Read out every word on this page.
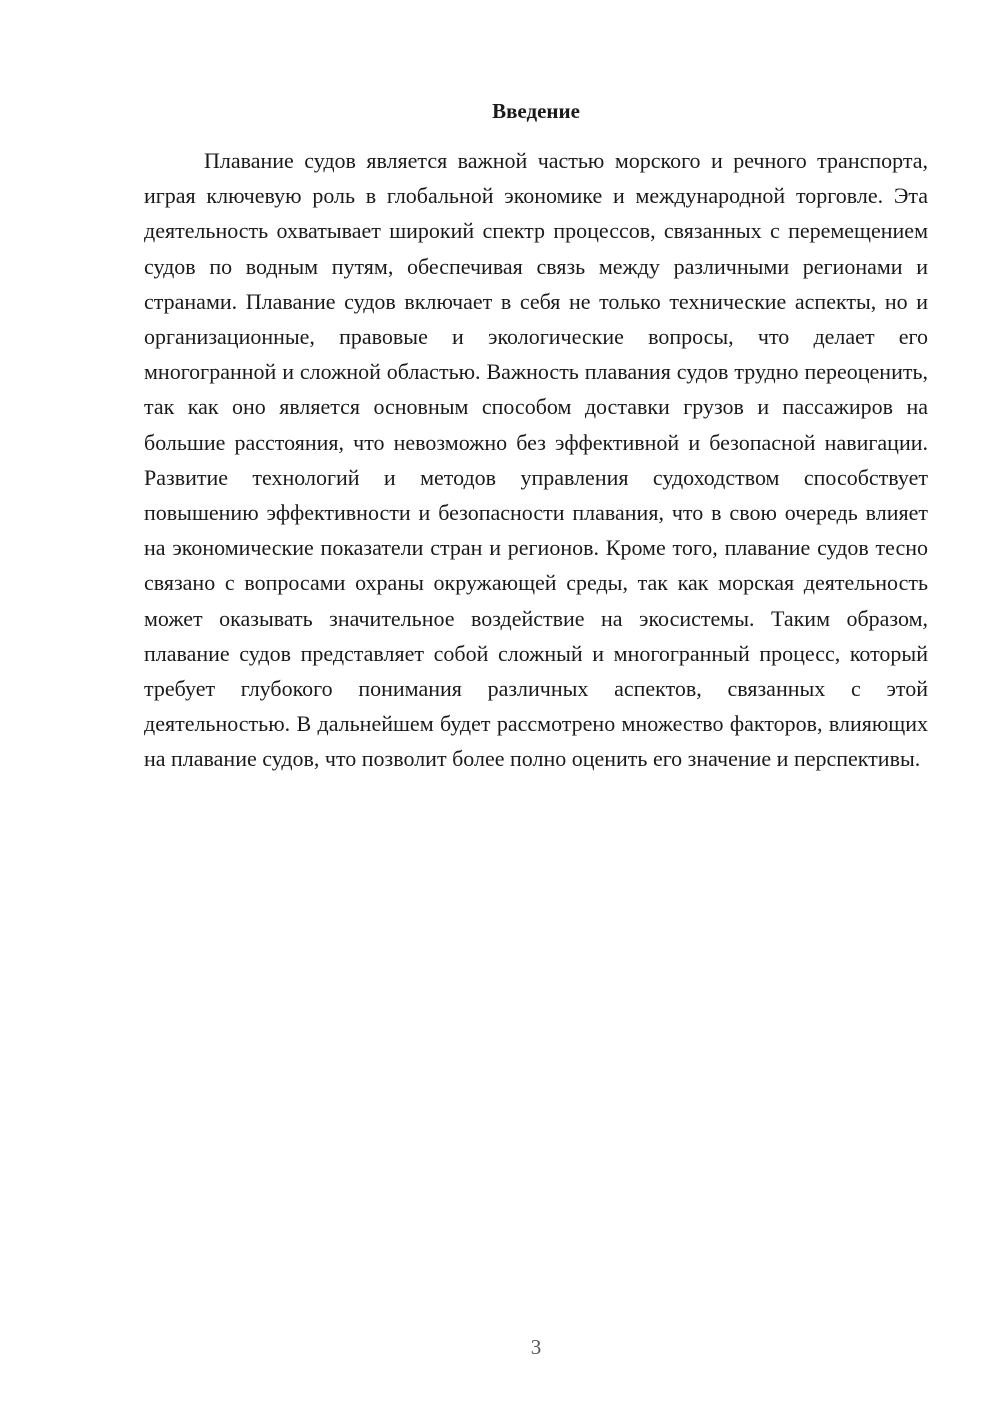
Введение

Плавание судов является важной частью морского и речного транспорта, играя ключевую роль в глобальной экономике и международной торговле. Эта деятельность охватывает широкий спектр процессов, связанных с перемещением судов по водным путям, обеспечивая связь между различными регионами и странами. Плавание судов включает в себя не только технические аспекты, но и организационные, правовые и экологические вопросы, что делает его многогранной и сложной областью. Важность плавания судов трудно переоценить, так как оно является основным способом доставки грузов и пассажиров на большие расстояния, что невозможно без эффективной и безопасной навигации. Развитие технологий и методов управления судоходством способствует повышению эффективности и безопасности плавания, что в свою очередь влияет на экономические показатели стран и регионов. Кроме того, плавание судов тесно связано с вопросами охраны окружающей среды, так как морская деятельность может оказывать значительное воздействие на экосистемы. Таким образом, плавание судов представляет собой сложный и многогранный процесс, который требует глубокого понимания различных аспектов, связанных с этой деятельностью. В дальнейшем будет рассмотрено множество факторов, влияющих на плавание судов, что позволит более полно оценить его значение и перспективы.

3
